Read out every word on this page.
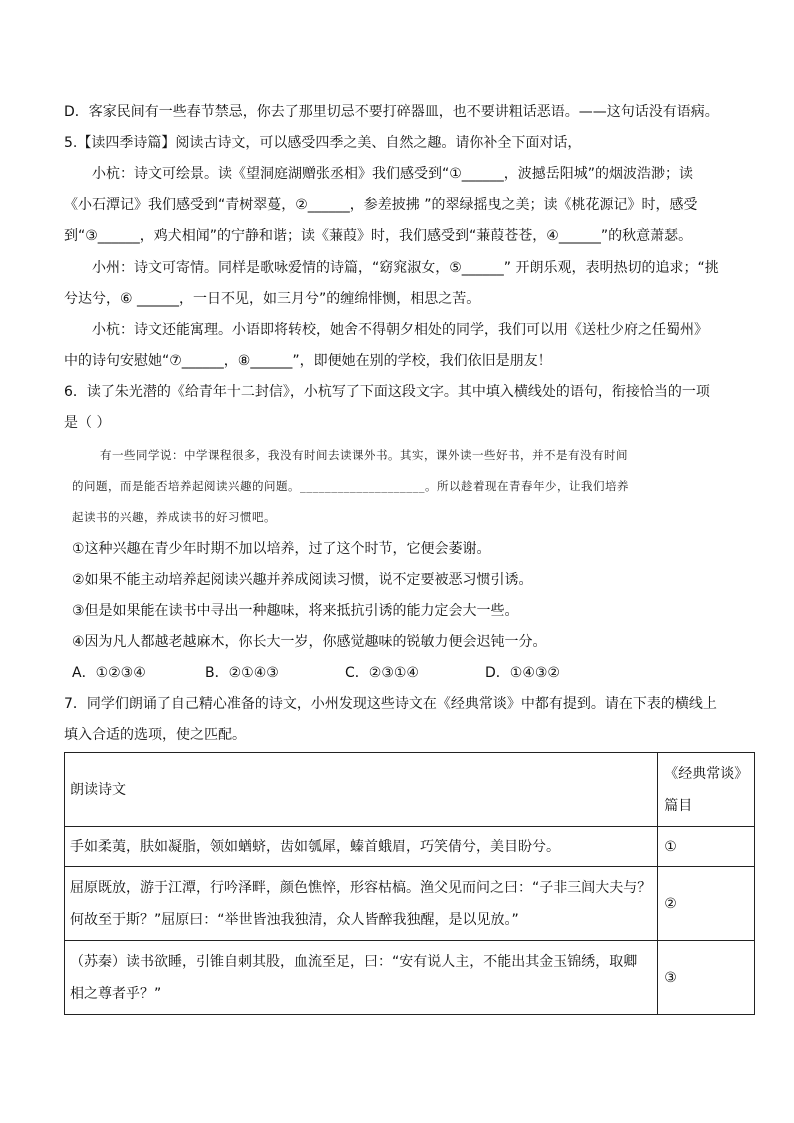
D．客家民间有一些春节禁忌，你去了那里切忌不要打碎器皿，也不要讲粗话恶语。——这句话没有语病。
5.【读四季诗篇】阅读古诗文，可以感受四季之美、自然之趣。请你补全下面对话，
小杭：诗文可绘景。读《望洞庭湖赠张丞相》我们感受到“①______，波撼岳阳城”的烟波浩渺；读
《小石潭记》我们感受到“青树翠蔓，②______，参差披拂 ”的翠绿摇曳之美；读《桃花源记》时，感受
到“③______，鸡犬相闻”的宁静和谐；读《蒹葭》时，我们感受到“蒹葭苍苍，④______”的秋意萧瑟。
小州：诗文可寄情。同样是歌咏爱情的诗篇，“窈窕淑女，⑤______” 开朗乐观，表明热切的追求；“挑
兮达兮，⑥ ______，一日不见，如三月兮”的缠绵悱恻，相思之苦。
小杭：诗文还能寓理。小语即将转校，她舍不得朝夕相处的同学，我们可以用《送杜少府之任蜀州》
中的诗句安慰她“⑦______，⑧______”，即便她在别的学校，我们依旧是朋友！
6．读了朱光潜的《给青年十二封信》，小杭写了下面这段文字。其中填入横线处的语句，衔接恰当的一项
是（ ）
有一些同学说：中学课程很多，我没有时间去读课外书。其实，课外读一些好书，并不是有没有时间
的问题，而是能否培养起阅读兴趣的问题。____________________。所以趁着现在青春年少，让我们培养
起读书的兴趣，养成读书的好习惯吧。
①这种兴趣在青少年时期不加以培养，过了这个时节，它便会萎谢。
②如果不能主动培养起阅读兴趣并养成阅读习惯，说不定要被恶习惯引诱。
③但是如果能在读书中寻出一种趣味，将来抵抗引诱的能力定会大一些。
④因为凡人都越老越麻木，你长大一岁，你感觉趣味的锐敏力便会迟钝一分。
A．①②③④	B．②①④③	C．②③①④	D．①④③②
7．同学们朗诵了自己精心准备的诗文，小州发现这些诗文在《经典常谈》中都有提到。请在下表的横线上
填入合适的选项，使之匹配。
朗读诗文	《经典常谈》
篇目

手如柔荑，肤如凝脂，领如蝤蛴，齿如瓠犀，螓首蛾眉，巧笑倩兮，美目盼兮。	①

屈原既放，游于江潭，行吟泽畔，颜色憔悴，形容枯槁。渔父见而问之曰：“子非三闾大夫与？
何故至于斯？”屈原曰：“举世皆浊我独清，众人皆醉我独醒，是以见放。”	②

（苏秦）读书欲睡，引锥自刺其股，血流至足，曰：“安有说人主，不能出其金玉锦绣，取卿
相之尊者乎？”	③
